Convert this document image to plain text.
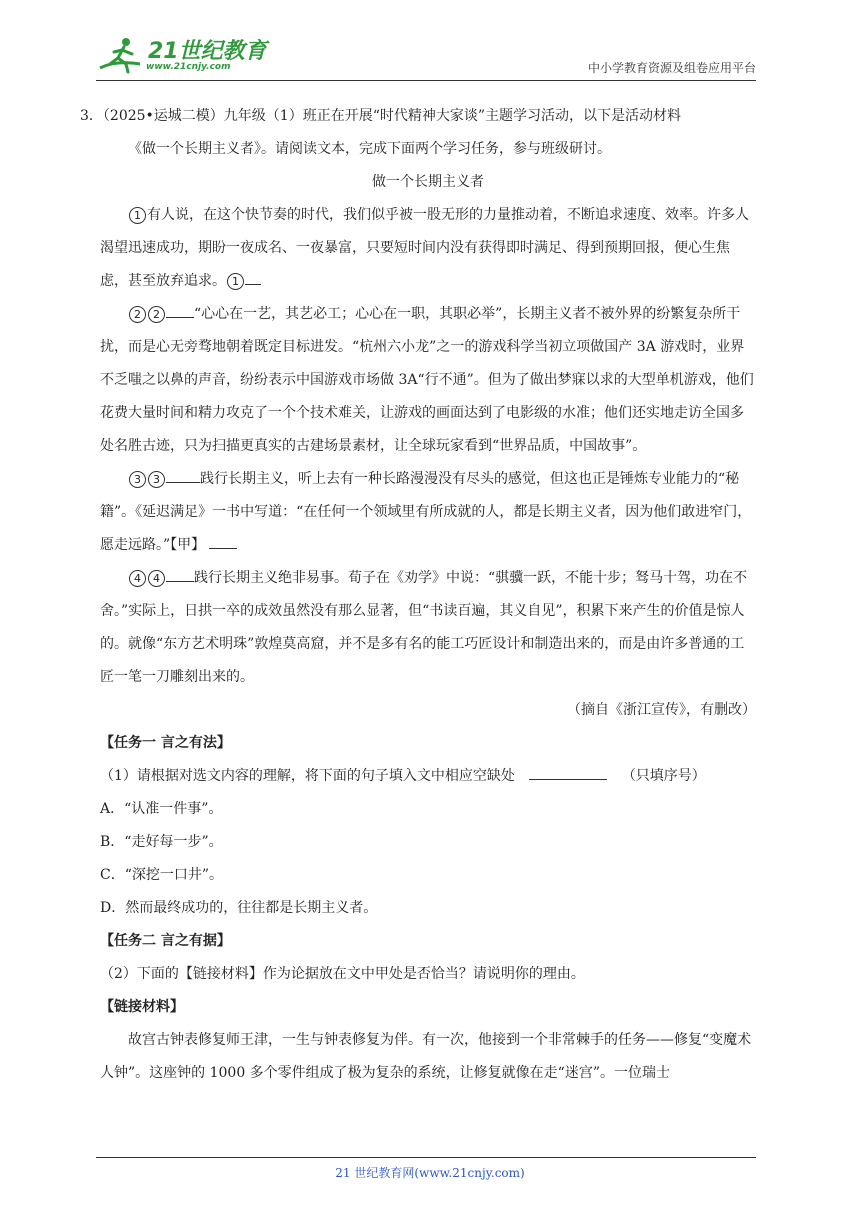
21世纪教育
www.21cnjy.com	中小学教育资源及组卷应用平台

3．（2025•运城二模）九年级（1）班正在开展“时代精神大家谈”主题学习活动，以下是活动材料

《做一个长期主义者》。请阅读文本，完成下面两个学习任务，参与班级研讨。

做一个长期主义者

1 有人说，在这个快节奏的时代，我们似乎被一股无形的力量推动着，不断追求速度、效率。许多人渴望迅速成功，期盼一夜成名、一夜暴富，只要短时间内没有获得即时满足、得到预期回报，便心生焦虑，甚至放弃追求。 1

2 2 “心心在一艺，其艺必工；心心在一职，其职必举”，长期主义者不被外界的纷繁复杂所干扰，而是心无旁骛地朝着既定目标进发。“杭州六小龙”之一的游戏科学当初立项做国产 3A 游戏时，业界不乏嗤之以鼻的声音，纷纷表示中国游戏市场做 3A“行不通”。但为了做出梦寐以求的大型单机游戏，他们花费大量时间和精力攻克了一个个技术难关，让游戏的画面达到了电影级的水准；他们还实地走访全国多处名胜古迹，只为扫描更真实的古建场景素材，让全球玩家看到“世界品质，中国故事”。

3 3	践行长期主义，听上去有一种长路漫漫没有尽头的感觉，但这也正是锤炼专业能力的“秘籍”。《延迟满足》一书中写道：“在任何一个领域里有所成就的人，都是长期主义者，因为他们敢进窄门，愿走远路。”【甲】

4 4 践行长期主义绝非易事。荀子在《劝学》中说：“骐骥一跃，不能十步；驽马十驾，功在不舍。”实际上，日拱一卒的成效虽然没有那么显著，但“书读百遍，其义自见”，积累下来产生的价值是惊人的。就像“东方艺术明珠”敦煌莫高窟，并不是多有名的能工巧匠设计和制造出来的，而是由许多普通的工匠一笔一刀雕刻出来的。

（摘自《浙江宣传》，有删改）

【任务一 言之有法】

（1）请根据对选文内容的理解，将下面的句子填入文中相应空缺处	（只填序号）

A．“认准一件事”。

B．“走好每一步”。

C．“深挖一口井”。

D．然而最终成功的，往往都是长期主义者。

【任务二 言之有据】

（2）下面的【链接材料】作为论据放在文中甲处是否恰当？请说明你的理由。

【链接材料】

故宫古钟表修复师王津，一生与钟表修复为伴。有一次，他接到一个非常棘手的任务——修复“变魔术人钟”。这座钟的 1000 多个零件组成了极为复杂的系统，让修复就像在走“迷宫”。一位瑞士

21 世纪教育网(www.21cnjy.com)
